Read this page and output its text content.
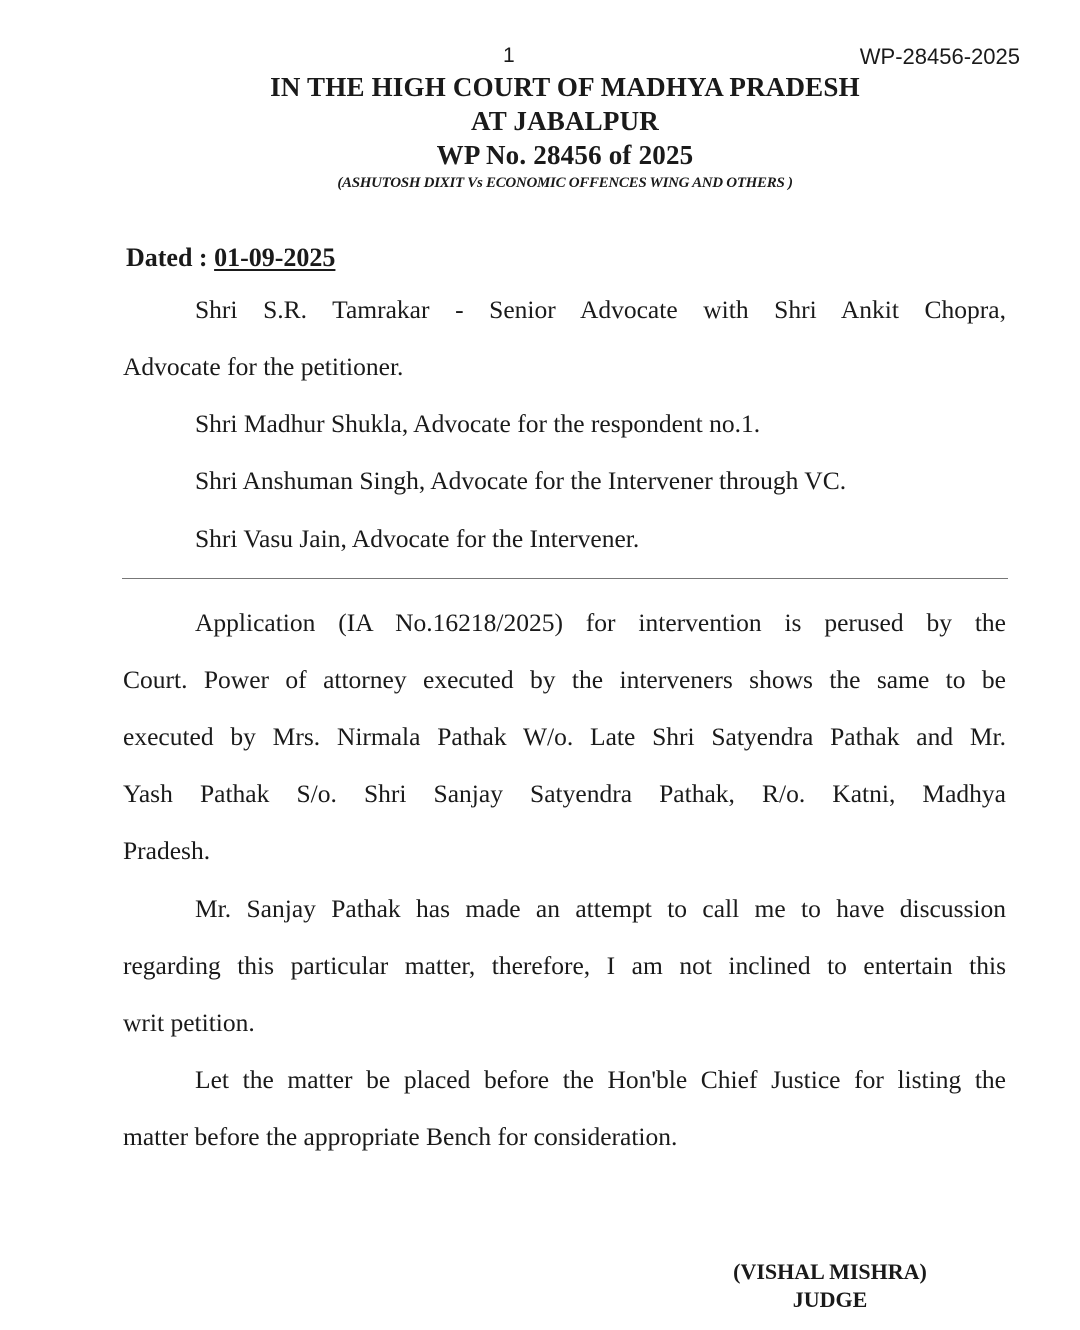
1	WP-28456-2025
IN THE HIGH COURT OF MADHYA PRADESH
AT JABALPUR
WP No. 28456 of 2025
(ASHUTOSH DIXIT Vs ECONOMIC OFFENCES WING AND OTHERS )
Dated : 01-09-2025
Shri S.R. Tamrakar - Senior Advocate with Shri Ankit Chopra,
Advocate for the petitioner.
Shri Madhur Shukla, Advocate for the respondent no.1.
Shri Anshuman Singh, Advocate for the Intervener through VC.
Shri Vasu Jain, Advocate for the Intervener.
Application (IA No.16218/2025) for intervention is perused by the
Court. Power of attorney executed by the interveners shows the same to be
executed by Mrs. Nirmala Pathak W/o. Late Shri Satyendra Pathak and Mr.
Yash Pathak S/o. Shri Sanjay Satyendra Pathak, R/o. Katni, Madhya
Pradesh.
Mr. Sanjay Pathak has made an attempt to call me to have discussion
regarding this particular matter, therefore, I am not inclined to entertain this
writ petition.
Let the matter be placed before the Hon'ble Chief Justice for listing the
matter before the appropriate Bench for consideration.
(VISHAL MISHRA)
JUDGE
